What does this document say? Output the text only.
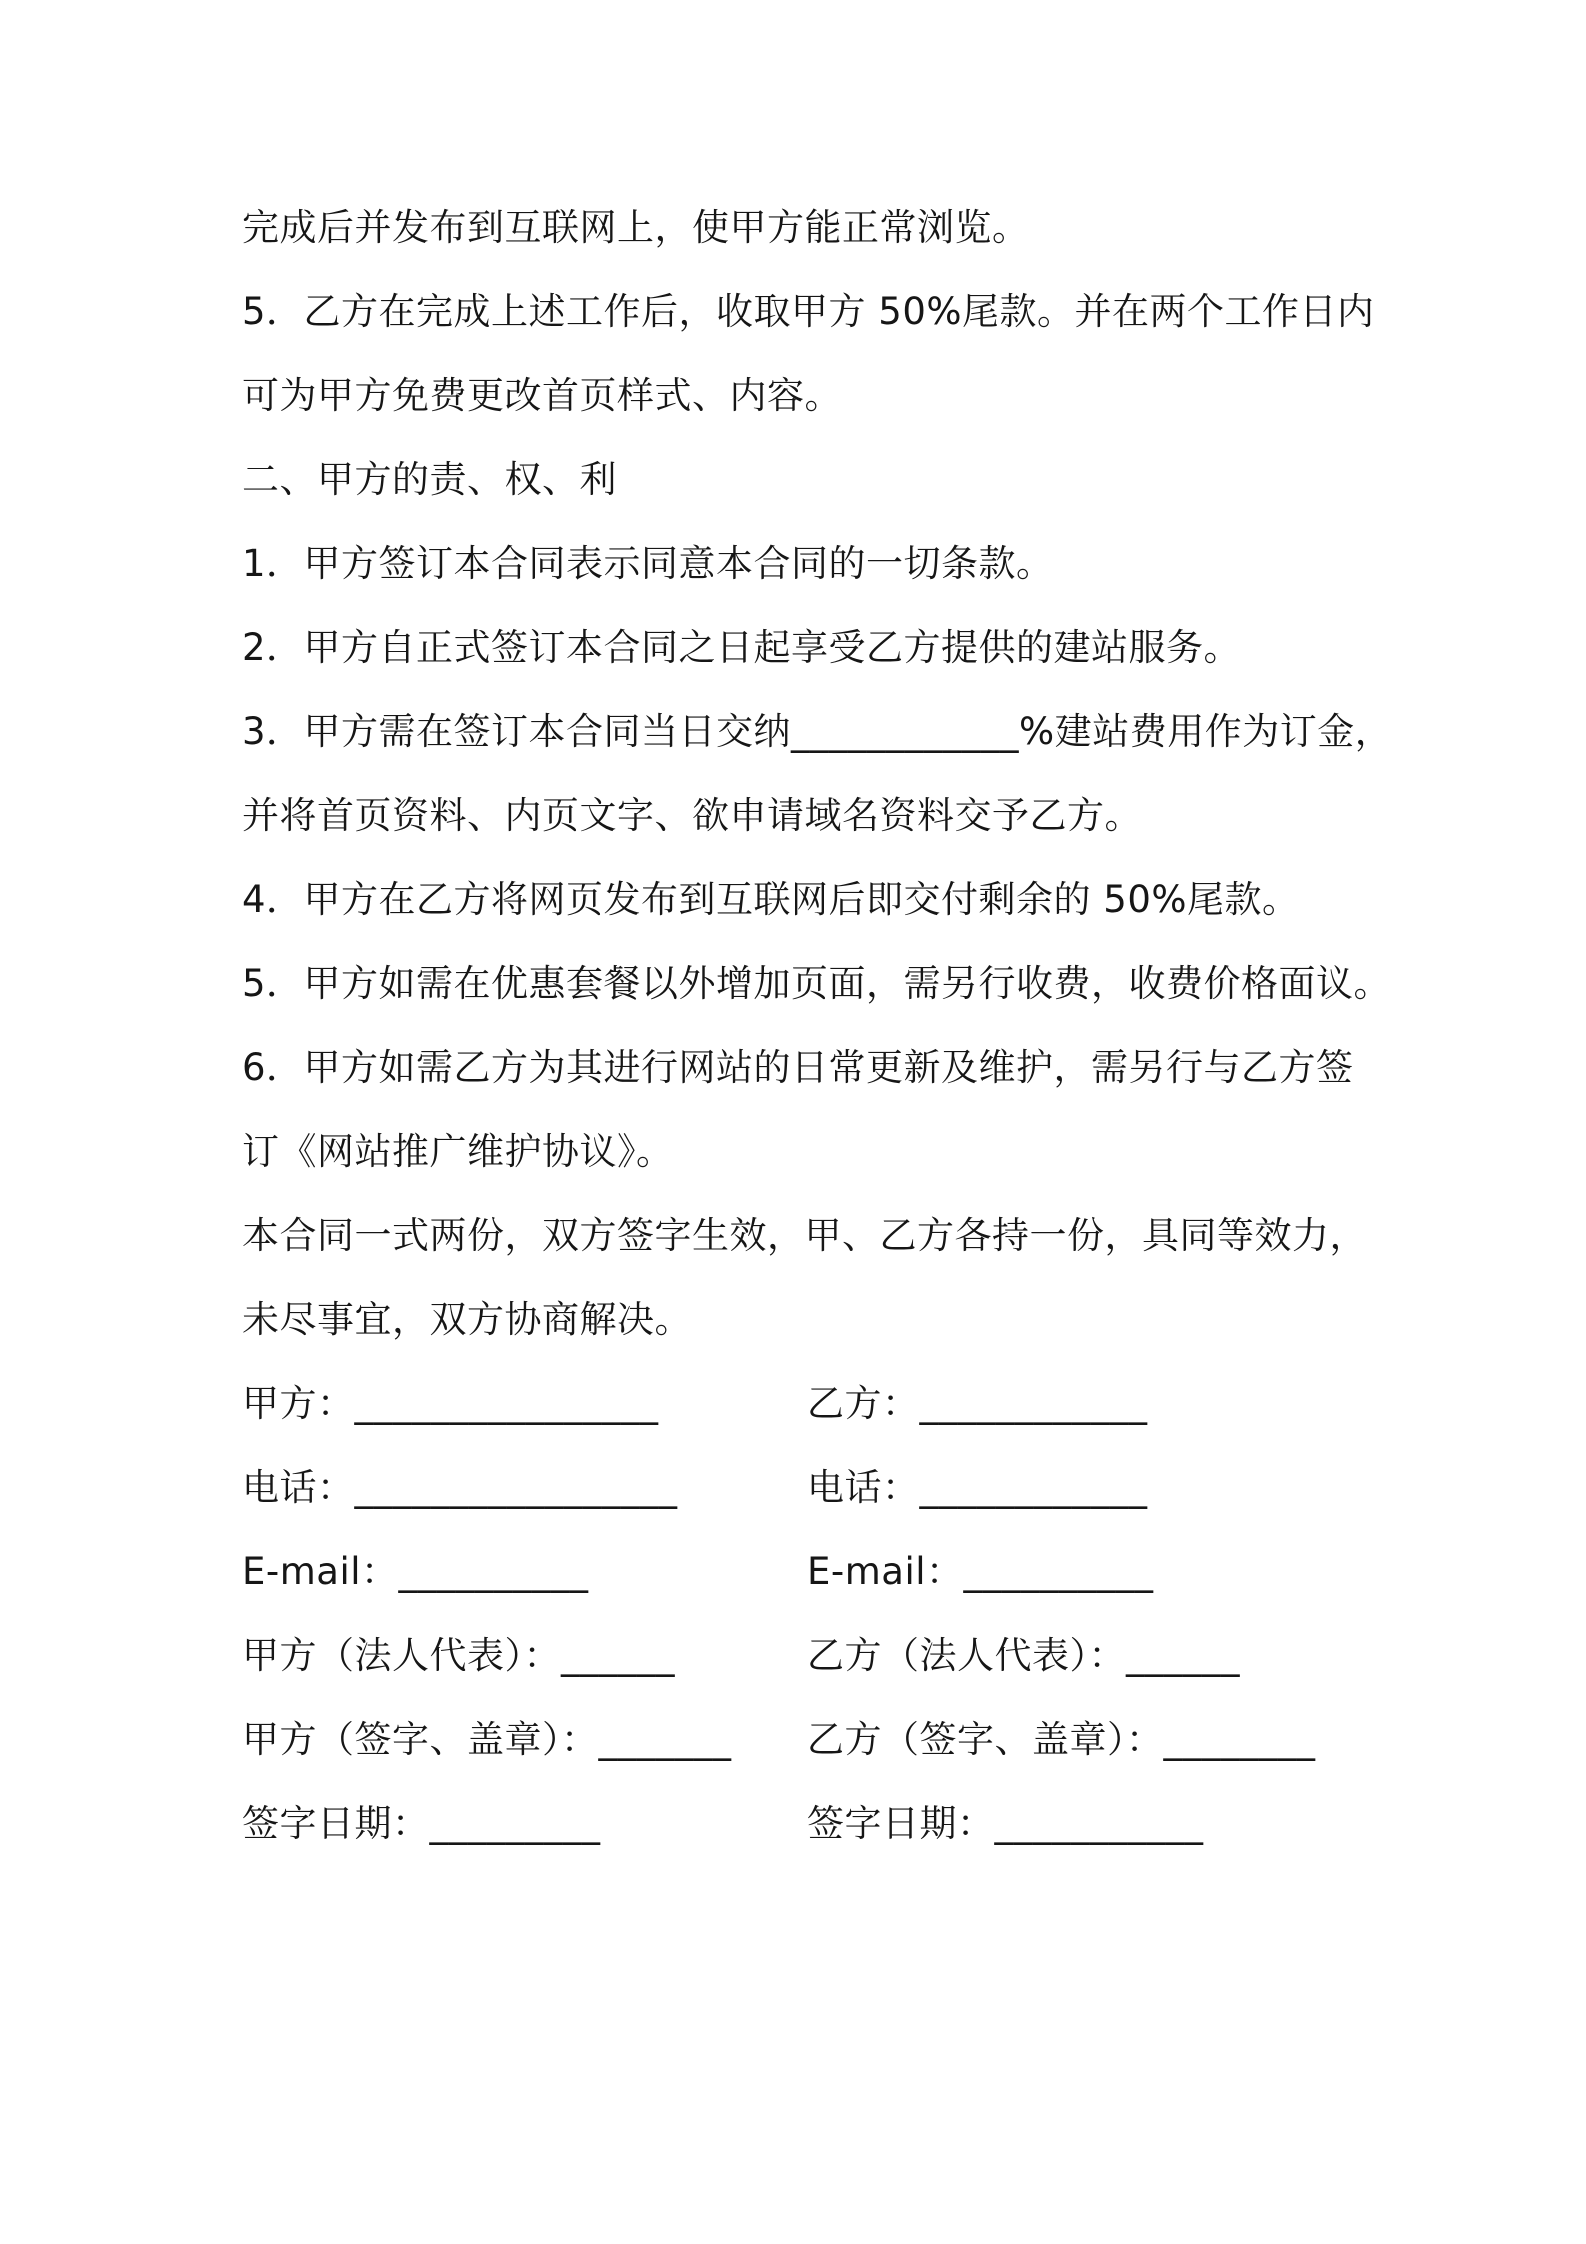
完成后并发布到互联网上，使甲方能正常浏览。
5．乙方在完成上述工作后，收取甲方 50%尾款。并在两个工作日内
可为甲方免费更改首页样式、内容。
二、甲方的责、权、利
1．甲方签订本合同表示同意本合同的一切条款。
2．甲方自正式签订本合同之日起享受乙方提供的建站服务。
3．甲方需在签订本合同当日交纳____________%建站费用作为订金，
并将首页资料、内页文字、欲申请域名资料交予乙方。
4．甲方在乙方将网页发布到互联网后即交付剩余的 50%尾款。
5．甲方如需在优惠套餐以外增加页面，需另行收费，收费价格面议。
6．甲方如需乙方为其进行网站的日常更新及维护，需另行与乙方签
订《网站推广维护协议》。
本合同一式两份，双方签字生效，甲、乙方各持一份，具同等效力，
未尽事宜，双方协商解决。
甲方：________________	乙方：____________
电话：_________________	电话：____________
E-mail：__________	E-mail：__________
甲方（法人代表）：______	乙方（法人代表）：______
甲方（签字、盖章）：_______	乙方（签字、盖章）：________
签字日期：_________	签字日期：___________
